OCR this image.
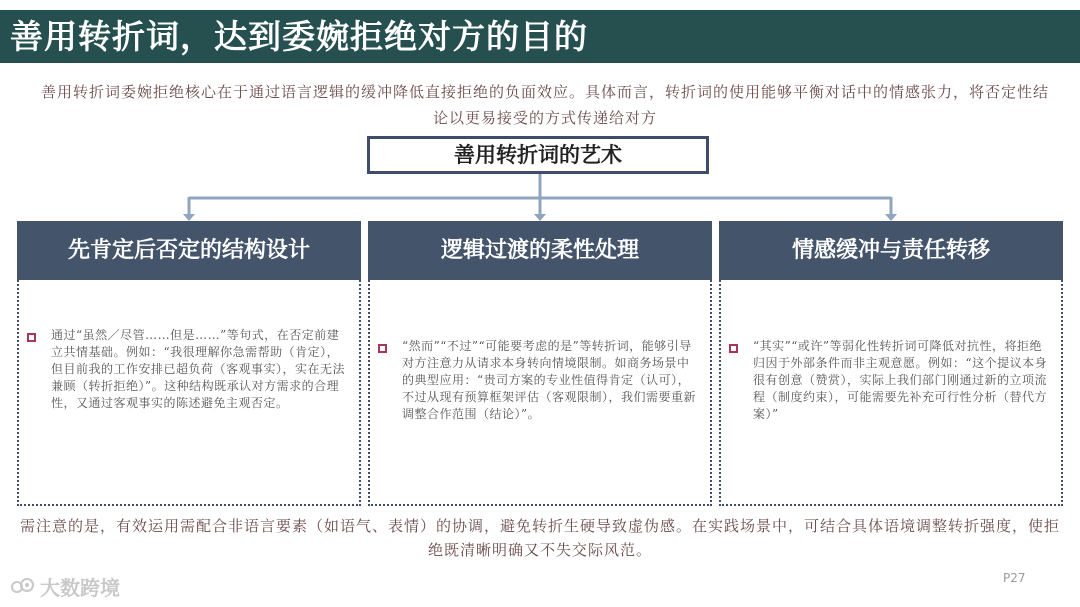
善用转折词，达到委婉拒绝对方的目的
善用转折词委婉拒绝核心在于通过语言逻辑的缓冲降低直接拒绝的负面效应。具体而言，转折词的使用能够平衡对话中的情感张力，将否定性结论以更易接受的方式传递给对方
善用转折词的艺术
先肯定后否定的结构设计
通过“虽然／尽管……但是……”等句式，在否定前建立共情基础。例如：“我很理解你急需帮助（肯定），但目前我的工作安排已超负荷（客观事实），实在无法兼顾（转折拒绝）”。这种结构既承认对方需求的合理性，又通过客观事实的陈述避免主观否定。
逻辑过渡的柔性处理
“然而”“不过”“可能要考虑的是”等转折词，能够引导对方注意力从请求本身转向情境限制。如商务场景中的典型应用：“贵司方案的专业性值得肯定（认可），不过从现有预算框架评估（客观限制），我们需要重新调整合作范围（结论）”。
情感缓冲与责任转移
“其实”“或许”等弱化性转折词可降低对抗性，将拒绝归因于外部条件而非主观意愿。例如：“这个提议本身很有创意（赞赏），实际上我们部门刚通过新的立项流程（制度约束），可能需要先补充可行性分析（替代方案）”
需注意的是，有效运用需配合非语言要素（如语气、表情）的协调，避免转折生硬导致虚伪感。在实践场景中，可结合具体语境调整转折强度，使拒绝既清晰明确又不失交际风范。
大数跨境	P27
